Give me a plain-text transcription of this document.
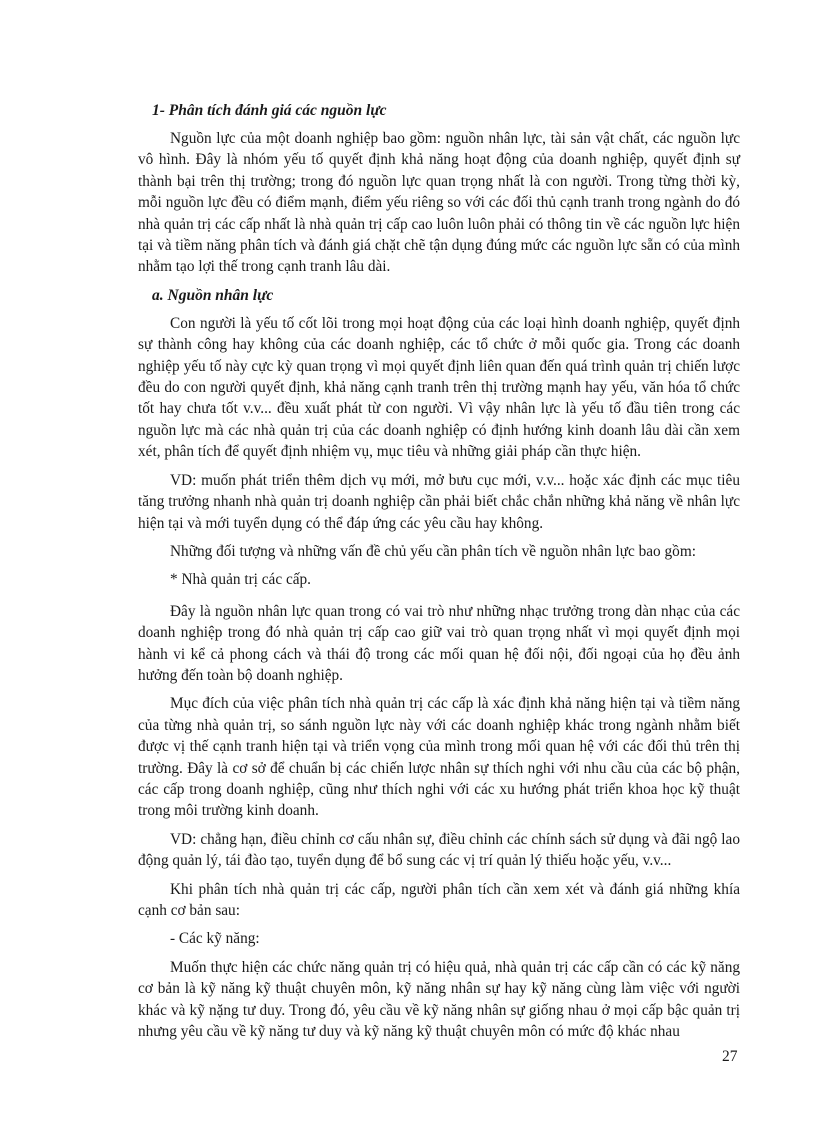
1- Phân tích đánh giá các nguồn lực

Nguồn lực của một doanh nghiệp bao gồm: nguồn nhân lực, tài sản vật chất, các nguồn lực vô hình. Đây là nhóm yếu tố quyết định khả năng hoạt động của doanh nghiệp, quyết định sự thành bại trên thị trường; trong đó nguồn lực quan trọng nhất là con người. Trong từng thời kỳ, mỗi nguồn lực đều có điểm mạnh, điểm yếu riêng so với các đối thủ cạnh tranh trong ngành do đó nhà quản trị các cấp nhất là nhà quản trị cấp cao luôn luôn phải có thông tin về các nguồn lực hiện tại và tiềm năng phân tích và đánh giá chặt chẽ tận dụng đúng mức các nguồn lực sẵn có của mình nhằm tạo lợi thế trong cạnh tranh lâu dài.

a. Nguồn nhân lực

Con người là yếu tố cốt lõi trong mọi hoạt động của các loại hình doanh nghiệp, quyết định sự thành công hay không của các doanh nghiệp, các tổ chức ở mỗi quốc gia. Trong các doanh nghiệp yếu tố này cực kỳ quan trọng vì mọi quyết định liên quan đến quá trình quản trị chiến lược đều do con người quyết định, khả năng cạnh tranh trên thị trường mạnh hay yếu, văn hóa tổ chức tốt hay chưa tốt v.v... đều xuất phát từ con người. Vì vậy nhân lực là yếu tố đầu tiên trong các nguồn lực mà các nhà quản trị của các doanh nghiệp có định hướng kinh doanh lâu dài cần xem xét, phân tích để quyết định nhiệm vụ, mục tiêu và những giải pháp cần thực hiện.

VD: muốn phát triển thêm dịch vụ mới, mở bưu cục mới, v.v... hoặc xác định các mục tiêu tăng trưởng nhanh nhà quản trị doanh nghiệp cần phải biết chắc chắn những khả năng về nhân lực hiện tại và mới tuyển dụng có thể đáp ứng các yêu cầu hay không.

Những đối tượng và những vấn đề chủ yếu cần phân tích về nguồn nhân lực bao gồm:

* Nhà quản trị các cấp.

Đây là nguồn nhân lực quan trong có vai trò như những nhạc trưởng trong dàn nhạc của các doanh nghiệp trong đó nhà quản trị cấp cao giữ vai trò quan trọng nhất vì mọi quyết định mọi hành vi kể cả phong cách và thái độ trong các mối quan hệ đối nội, đối ngoại của họ đều ảnh hưởng đến toàn bộ doanh nghiệp.

Mục đích của việc phân tích nhà quản trị các cấp là xác định khả năng hiện tại và tiềm năng của từng nhà quản trị, so sánh nguồn lực này với các doanh nghiệp khác trong ngành nhằm biết được vị thế cạnh tranh hiện tại và triển vọng của mình trong mối quan hệ với các đối thủ trên thị trường. Đây là cơ sở để chuẩn bị các chiến lược nhân sự thích nghi với nhu cầu của các bộ phận, các cấp trong doanh nghiệp, cũng như thích nghi với các xu hướng phát triển khoa học kỹ thuật trong môi trường kinh doanh.

VD: chẳng hạn, điều chỉnh cơ cấu nhân sự, điều chỉnh các chính sách sử dụng và đãi ngộ lao động quản lý, tái đào tạo, tuyển dụng để bổ sung các vị trí quản lý thiếu hoặc yếu, v.v...

Khi phân tích nhà quản trị các cấp, người phân tích cần xem xét và đánh giá những khía cạnh cơ bản sau:

- Các kỹ năng:

Muốn thực hiện các chức năng quản trị có hiệu quả, nhà quản trị các cấp cần có các kỹ năng cơ bản là kỹ năng kỹ thuật chuyên môn, kỹ năng nhân sự hay kỹ năng cùng làm việc với người khác và kỹ nặng tư duy. Trong đó, yêu cầu về kỹ năng nhân sự giống nhau ở mọi cấp bậc quản trị nhưng yêu cầu về kỹ năng tư duy và kỹ năng kỹ thuật chuyên môn có mức độ khác nhau

27
